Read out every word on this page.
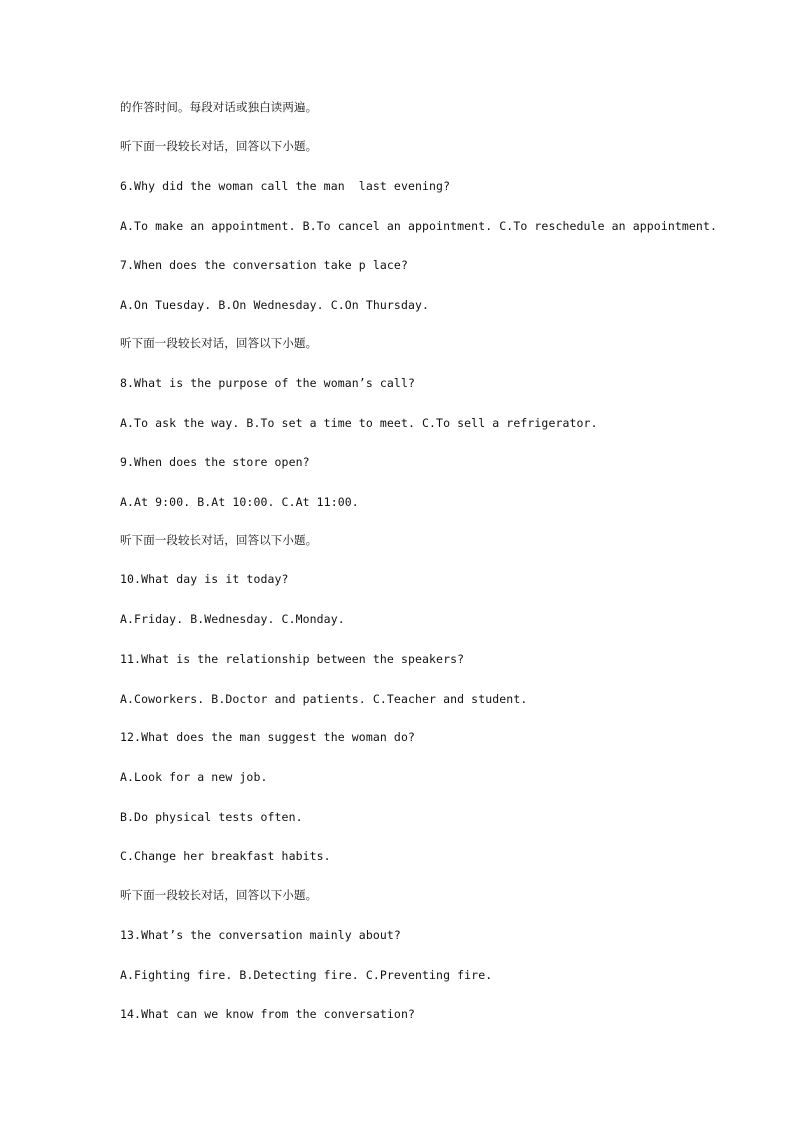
的作答时间。每段对话或独白读两遍。
听下面一段较长对话，回答以下小题。
6.Why did the woman call the man  last evening?
A.To make an appointment. B.To cancel an appointment. C.To reschedule an appointment.
7.When does the conversation take p lace?
A.On Tuesday. B.On Wednesday. C.On Thursday.
听下面一段较长对话，回答以下小题。
8.What is the purpose of the woman’s call?
A.To ask the way. B.To set a time to meet. C.To sell a refrigerator.
9.When does the store open?
A.At 9:00. B.At 10:00. C.At 11:00.
听下面一段较长对话，回答以下小题。
10.What day is it today?
A.Friday. B.Wednesday. C.Monday.
11.What is the relationship between the speakers?
A.Coworkers. B.Doctor and patients. C.Teacher and student.
12.What does the man suggest the woman do?
A.Look for a new job.
B.Do physical tests often.
C.Change her breakfast habits.
听下面一段较长对话，回答以下小题。
13.What’s the conversation mainly about?
A.Fighting fire. B.Detecting fire. C.Preventing fire.
14.What can we know from the conversation?
